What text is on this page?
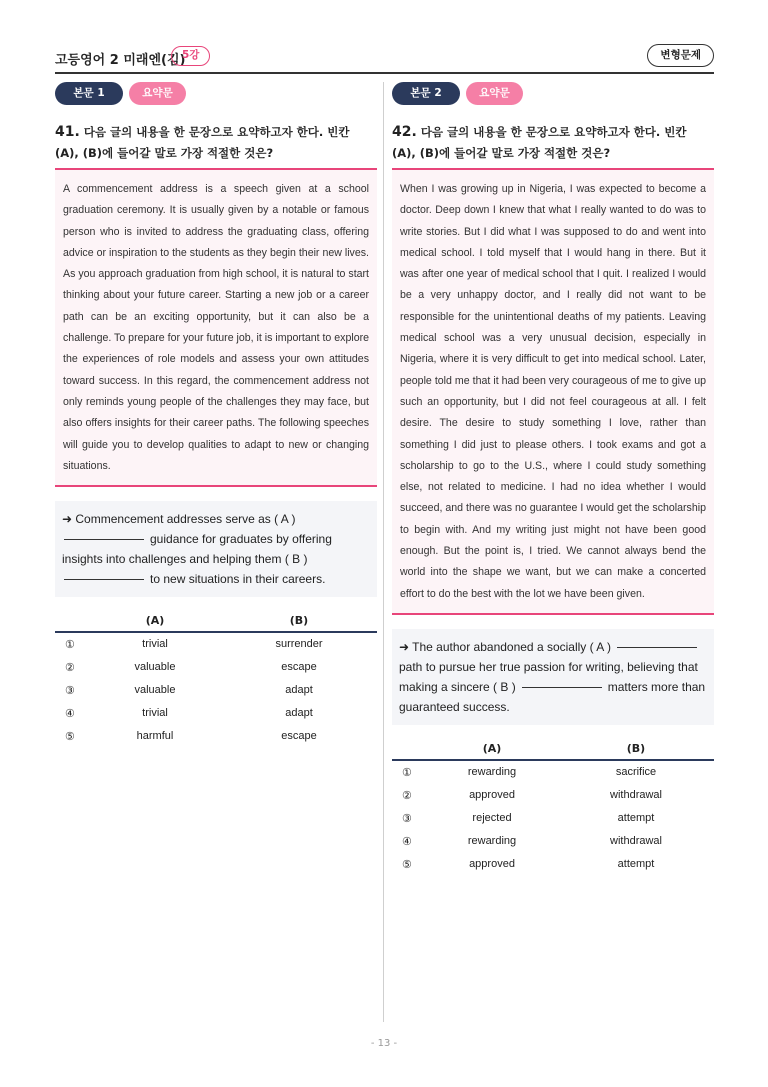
고등영어 2 미래엔(김)
5강	변형문제
본문 1	요약문
41. 다음 글의 내용을 한 문장으로 요약하고자 한다. 빈칸 (A), (B)에 들어갈 말로 가장 적절한 것은?
A commencement address is a speech given at a school graduation ceremony. It is usually given by a notable or famous person who is invited to address the graduating class, offering advice or inspiration to the students as they begin their new lives. As you approach graduation from high school, it is natural to start thinking about your future career. Starting a new job or a career path can be an exciting opportunity, but it can also be a challenge. To prepare for your future job, it is important to explore the experiences of role models and assess your own attitudes toward success. In this regard, the commencement address not only reminds young people of the challenges they may face, but also offers insights for their career paths. The following speeches will guide you to develop qualities to adapt to new or changing situations.
➜ Commencement addresses serve as ( A )
guidance for graduates by offering insights into challenges and helping them ( B )
to new situations in their careers.
(A)	(B)
①	trivial	surrender
②	valuable	escape
③	valuable	adapt
④	trivial	adapt
⑤	harmful	escape
본문 2	요약문
42. 다음 글의 내용을 한 문장으로 요약하고자 한다. 빈칸 (A), (B)에 들어갈 말로 가장 적절한 것은?
When I was growing up in Nigeria, I was expected to become a doctor. Deep down I knew that what I really wanted to do was to write stories. But I did what I was supposed to do and went into medical school. I told myself that I would hang in there. But it was after one year of medical school that I quit. I realized I would be a very unhappy doctor, and I really did not want to be responsible for the unintentional deaths of my patients. Leaving medical school was a very unusual decision, especially in Nigeria, where it is very difficult to get into medical school. Later, people told me that it had been very courageous of me to give up such an opportunity, but I did not feel courageous at all. I felt desire. The desire to study something I love, rather than something I did just to please others. I took exams and got a scholarship to go to the U.S., where I could study something else, not related to medicine. I had no idea whether I would succeed, and there was no guarantee I would get the scholarship to begin with. And my writing just might not have been good enough. But the point is, I tried. We cannot always bend the world into the shape we want, but we can make a concerted effort to do the best with the lot we have been given.
➜ The author abandoned a socially ( A )
path to pursue her true passion for writing, believing that making a sincere ( B )	matters more than guaranteed success.
(A)	(B)
①	rewarding	sacrifice
②	approved	withdrawal
③	rejected	attempt
④	rewarding	withdrawal
⑤	approved	attempt
- 13 -
